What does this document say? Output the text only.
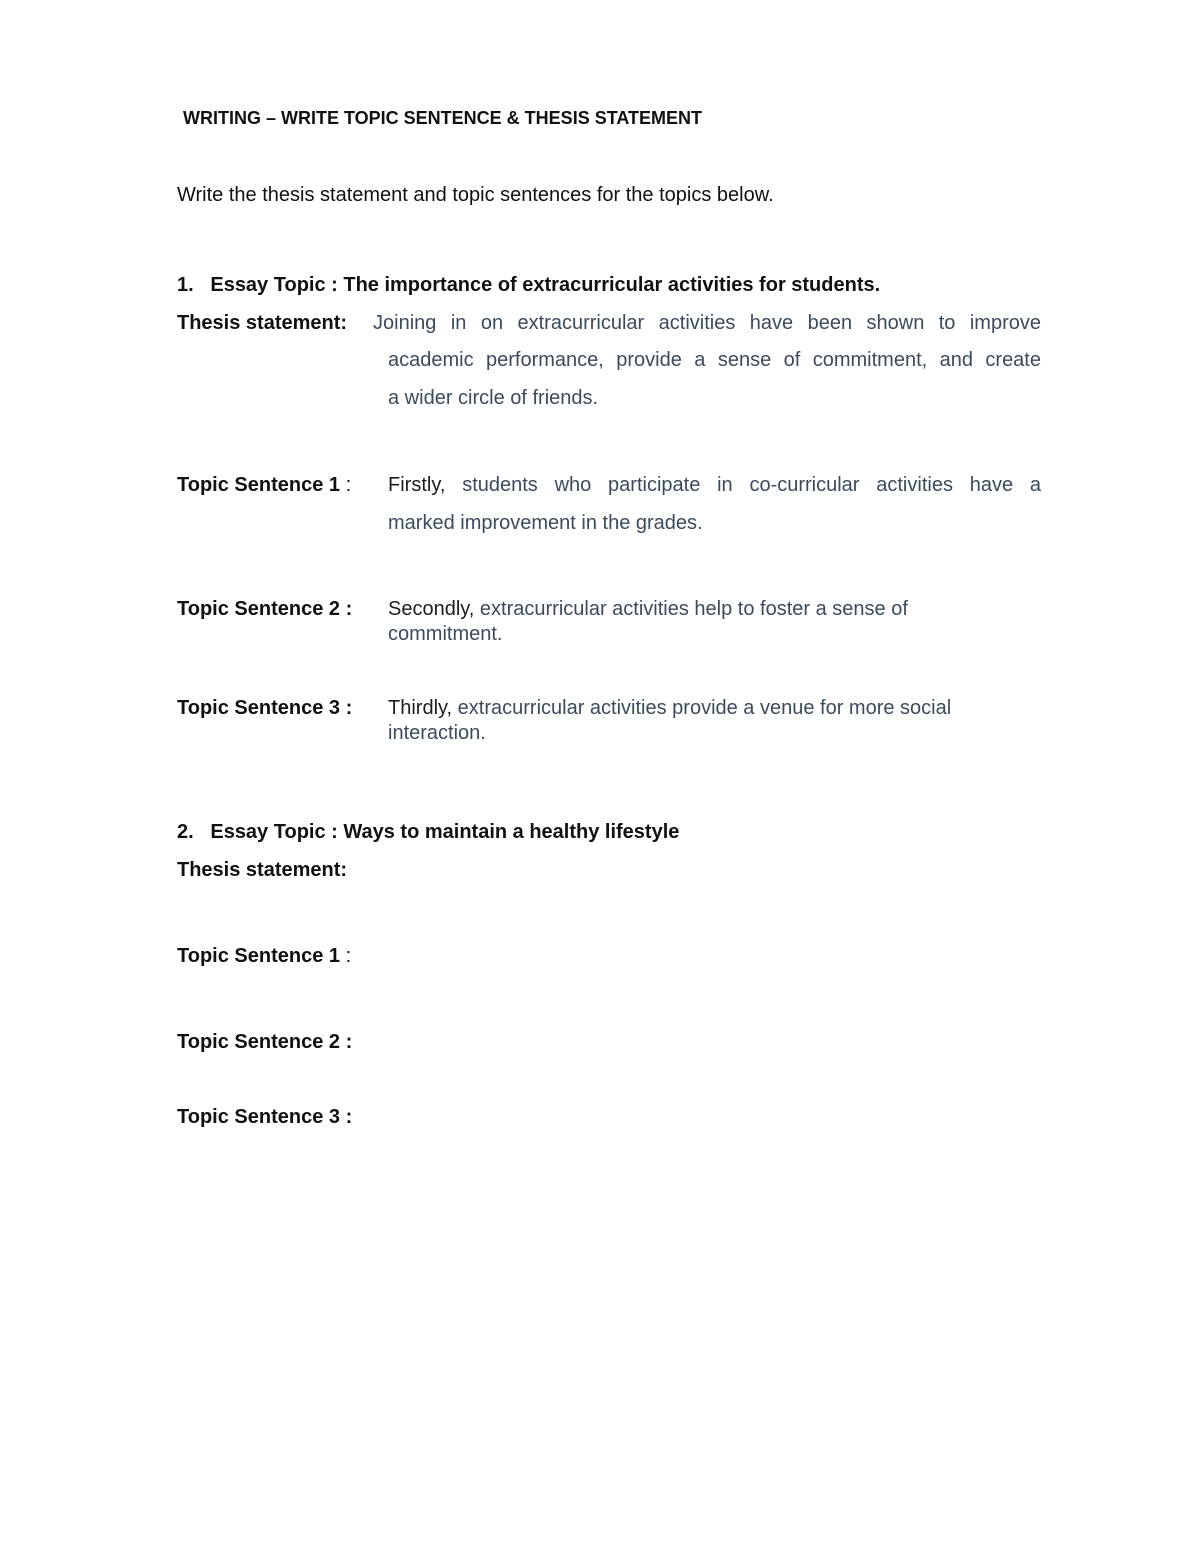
WRITING – WRITE TOPIC SENTENCE & THESIS STATEMENT

Write the thesis statement and topic sentences for the topics below.

1.   Essay Topic : The importance of extracurricular activities for students.

Thesis statement: Joining in on extracurricular activities have been shown to improve

academic performance, provide a sense of commitment, and create

a wider circle of friends.

Topic Sentence 1 : Firstly, students who participate in co-curricular activities have a

marked improvement in the grades.

Topic Sentence 2 : Secondly, extracurricular activities help to foster a sense of

commitment.

Topic Sentence 3 : Thirdly, extracurricular activities provide a venue for more social

interaction.

2.   Essay Topic : Ways to maintain a healthy lifestyle

Thesis statement:

Topic Sentence 1 :

Topic Sentence 2 :

Topic Sentence 3 :
